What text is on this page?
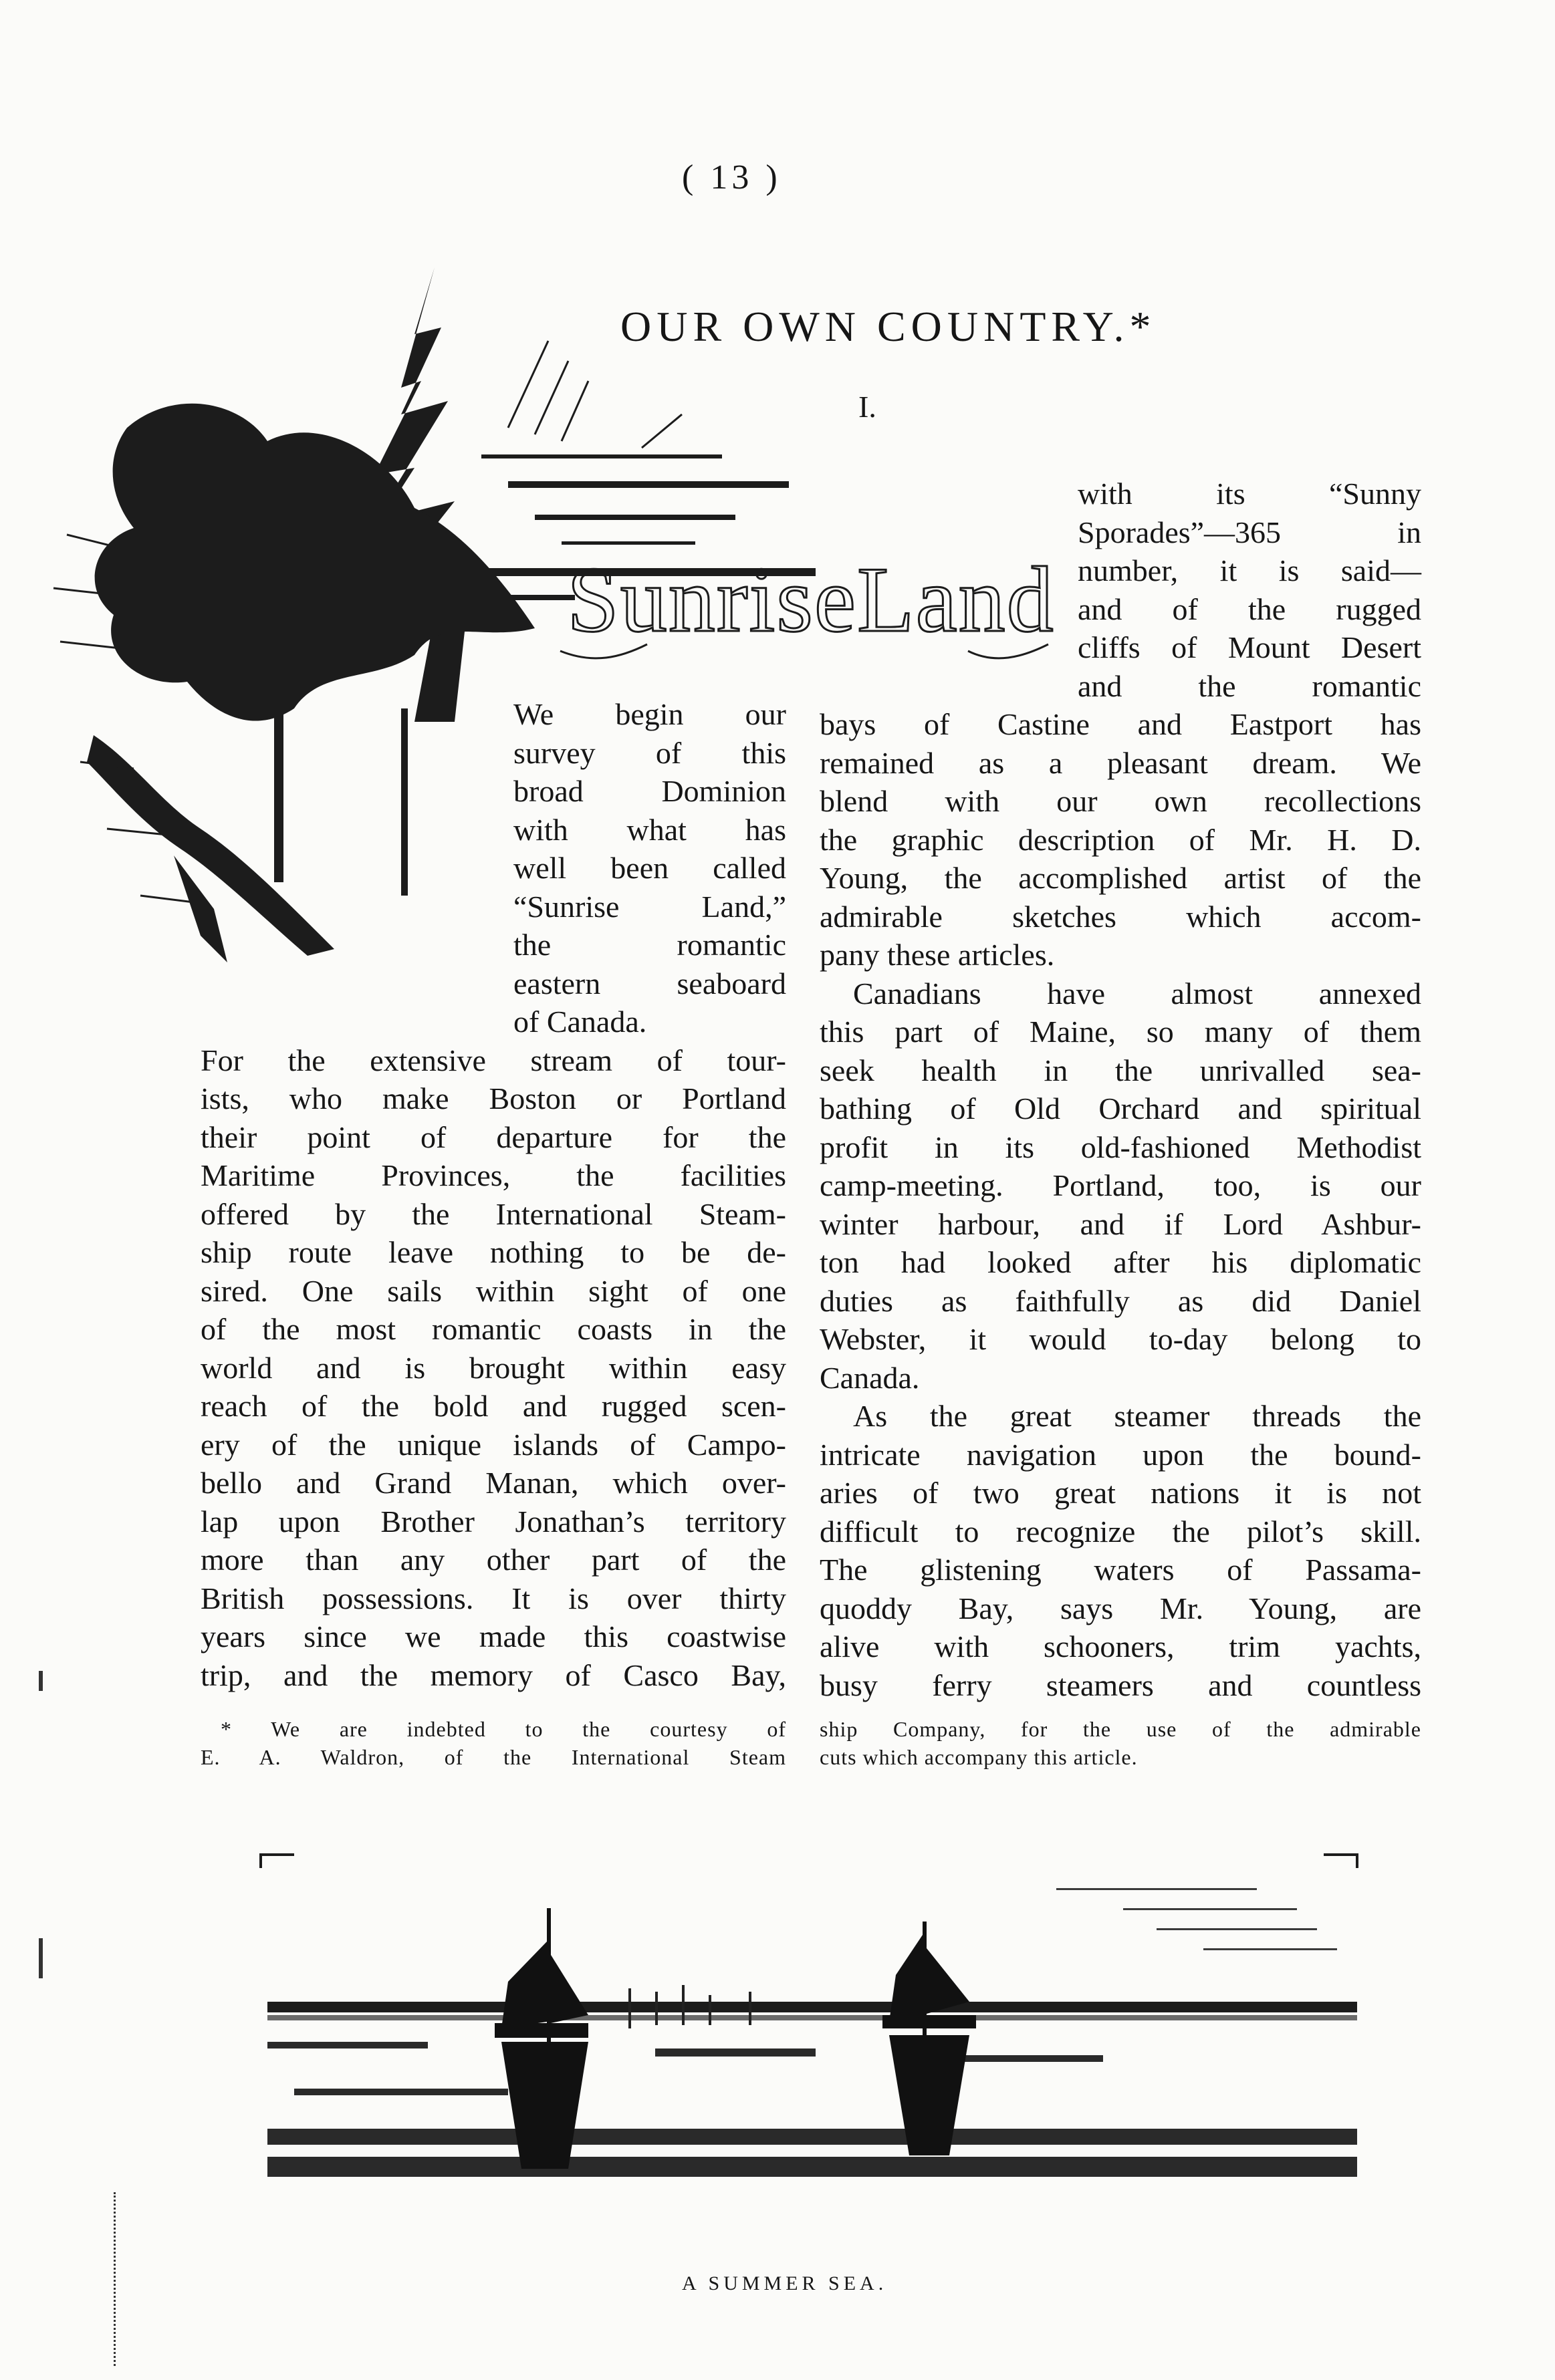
( 13 )
OUR OWN COUNTRY.*
I.
SunriseLand
We begin our
survey of this
broad Dominion
with what has
well been called
“Sunrise Land,”
the romantic
eastern seaboard
of Canada.
For the extensive stream of tour-
ists, who make Boston or Portland
their point of departure for the
Maritime Provinces, the facilities
offered by the International Steam-
ship route leave nothing to be de-
sired. One sails within sight of one
of the most romantic coasts in the
world and is brought within easy
reach of the bold and rugged scen-
ery of the unique islands of Campo-
bello and Grand Manan, which over-
lap upon Brother Jonathan’s territory
more than any other part of the
British possessions. It is over thirty
years since we made this coastwise
trip, and the memory of Casco Bay,
with its “Sunny
Sporades”—365 in
number, it is said—
and of the rugged
cliffs of Mount Desert
and the romantic
bays of Castine and Eastport has
remained as a pleasant dream. We
blend with our own recollections
the graphic description of Mr. H. D.
Young, the accomplished artist of the
admirable sketches which accom-
pany these articles.
Canadians have almost annexed
this part of Maine, so many of them
seek health in the unrivalled sea-
bathing of Old Orchard and spiritual
profit in its old-fashioned Methodist
camp-meeting. Portland, too, is our
winter harbour, and if Lord Ashbur-
ton had looked after his diplomatic
duties as faithfully as did Daniel
Webster, it would to-day belong to
Canada.
As the great steamer threads the
intricate navigation upon the bound-
aries of two great nations it is not
difficult to recognize the pilot’s skill.
The glistening waters of Passama-
quoddy Bay, says Mr. Young, are
alive with schooners, trim yachts,
busy ferry steamers and countless
* We are indebted to the courtesy of
E. A. Waldron, of the International Steam
ship Company, for the use of the admirable
cuts which accompany this article.
A SUMMER SEA.
